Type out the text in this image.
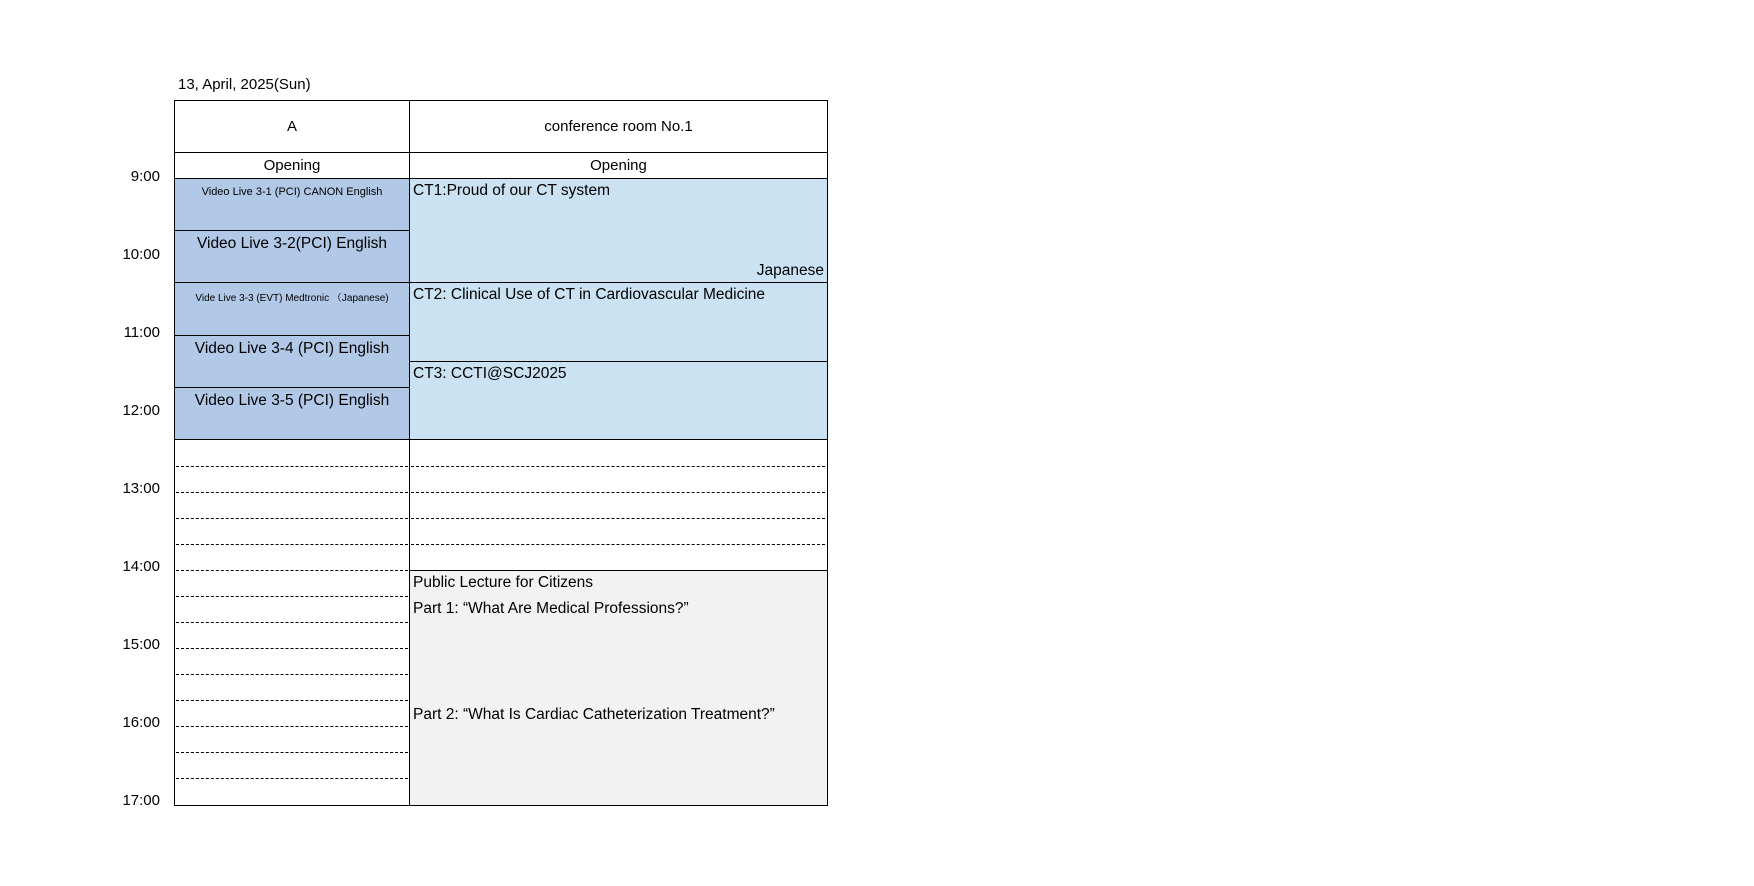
13, April, 2025(Sun)
9:00
10:00
11:00
12:00
13:00
14:00
15:00
16:00
17:00
A	conference room No.1
Opening	Opening
Video Live 3-1 (PCI) CANON English
Video Live 3-2(PCI) English
Vide Live 3-3 (EVT) Medtronic （Japanese)
Video Live 3-4 (PCI) English
Video Live 3-5 (PCI) English
CT1:Proud of our CT system
Japanese
CT2: Clinical Use of CT in Cardiovascular Medicine
CT3: CCTI@SCJ2025
Public Lecture for Citizens
Part 1: “What Are Medical Professions?”
Part 2: “What Is Cardiac Catheterization Treatment?”
